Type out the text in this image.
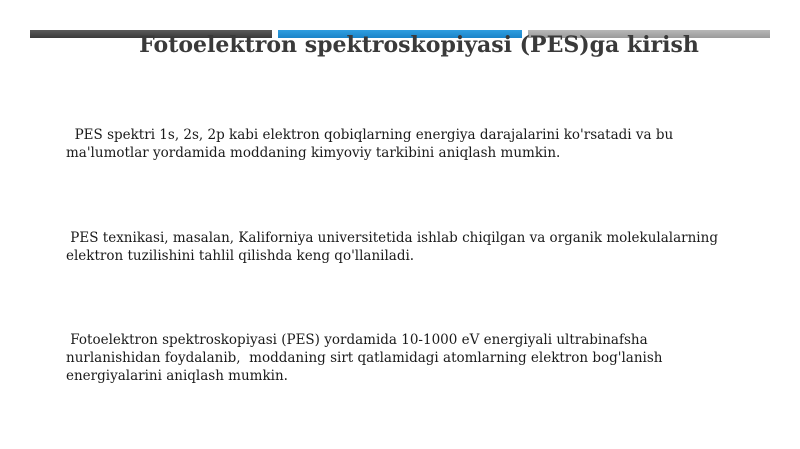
Fotoelektron spektroskopiyasi (PES)ga kirish

PES spektri 1s, 2s, 2p kabi elektron qobiqlarning energiya darajalarini ko'rsatadi va bu ma'lumotlar yordamida moddaning kimyoviy tarkibini aniqlash mumkin.

PES texnikasi, masalan, Kaliforniya universitetida ishlab chiqilgan va organik molekulalarning elektron tuzilishini tahlil qilishda keng qo'llaniladi.

Fotoelektron spektroskopiyasi (PES) yordamida 10-1000 eV energiyali ultrabinafsha nurlanishidan foydalanib,  moddaning sirt qatlamidagi atomlarning elektron bog'lanish energiyalarini aniqlash mumkin.
